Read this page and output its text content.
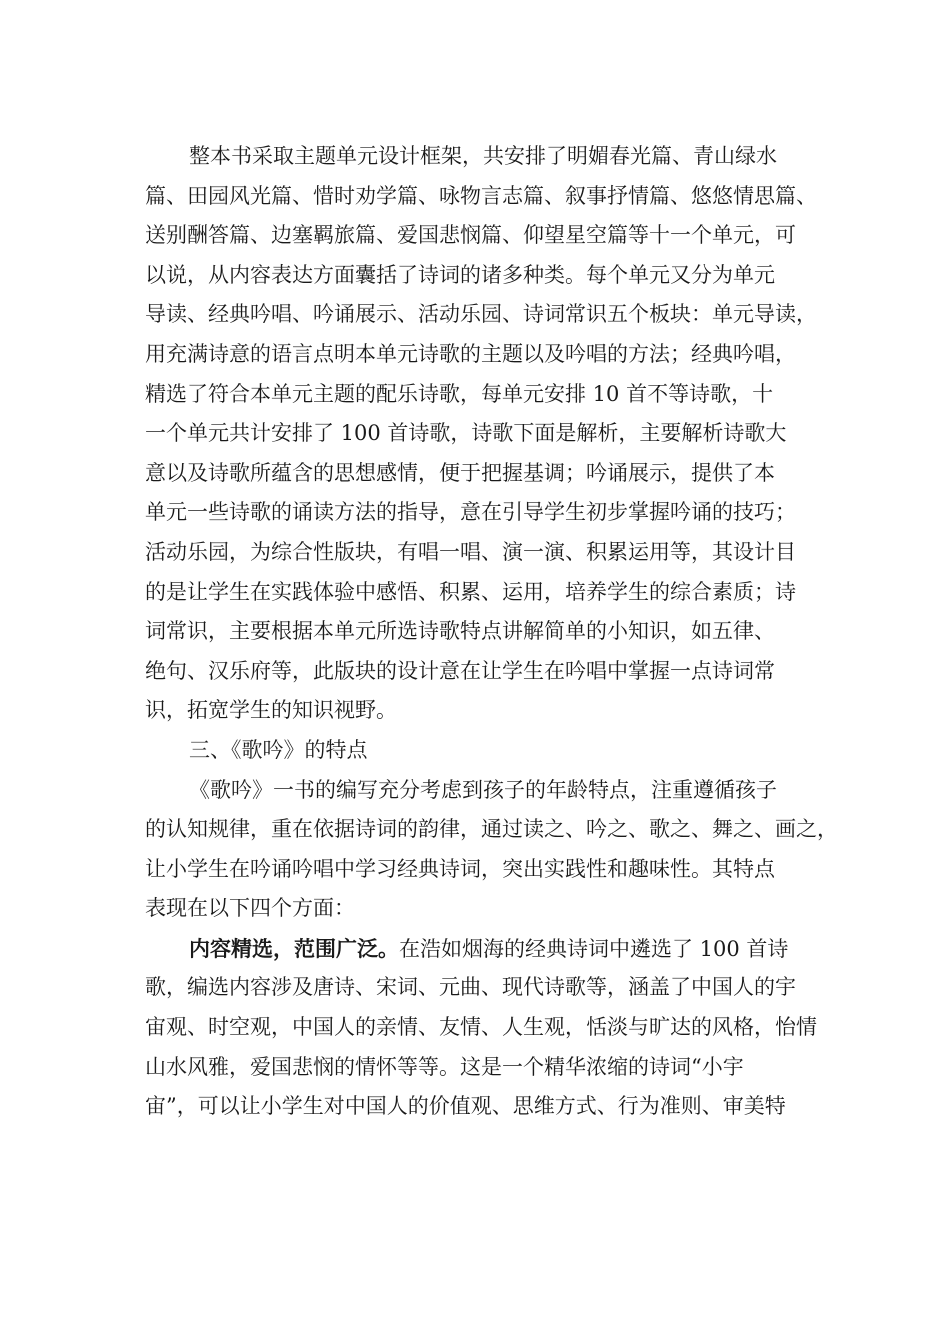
整本书采取主题单元设计框架，共安排了明媚春光篇、青山绿水
篇、田园风光篇、惜时劝学篇、咏物言志篇、叙事抒情篇、悠悠情思篇、
送别酬答篇、边塞羁旅篇、爱国悲悯篇、仰望星空篇等十一个单元，可
以说，从内容表达方面囊括了诗词的诸多种类。每个单元又分为单元
导读、经典吟唱、吟诵展示、活动乐园、诗词常识五个板块：单元导读，
用充满诗意的语言点明本单元诗歌的主题以及吟唱的方法；经典吟唱，
精选了符合本单元主题的配乐诗歌，每单元安排 10 首不等诗歌，十
一个单元共计安排了 100 首诗歌，诗歌下面是解析，主要解析诗歌大
意以及诗歌所蕴含的思想感情，便于把握基调；吟诵展示，提供了本
单元一些诗歌的诵读方法的指导，意在引导学生初步掌握吟诵的技巧；
活动乐园，为综合性版块，有唱一唱、演一演、积累运用等，其设计目
的是让学生在实践体验中感悟、积累、运用，培养学生的综合素质；诗
词常识，主要根据本单元所选诗歌特点讲解简单的小知识，如五律、
绝句、汉乐府等，此版块的设计意在让学生在吟唱中掌握一点诗词常
识，拓宽学生的知识视野。
三、《歌吟》的特点
《歌吟》一书的编写充分考虑到孩子的年龄特点，注重遵循孩子
的认知规律，重在依据诗词的韵律，通过读之、吟之、歌之、舞之、画之，
让小学生在吟诵吟唱中学习经典诗词，突出实践性和趣味性。其特点
表现在以下四个方面：
内容精选，范围广泛。在浩如烟海的经典诗词中遴选了 100 首诗
歌，编选内容涉及唐诗、宋词、元曲、现代诗歌等，涵盖了中国人的宇
宙观、时空观，中国人的亲情、友情、人生观，恬淡与旷达的风格，怡情
山水风雅，爱国悲悯的情怀等等。这是一个精华浓缩的诗词“小宇
宙”，可以让小学生对中国人的价值观、思维方式、行为准则、审美特
